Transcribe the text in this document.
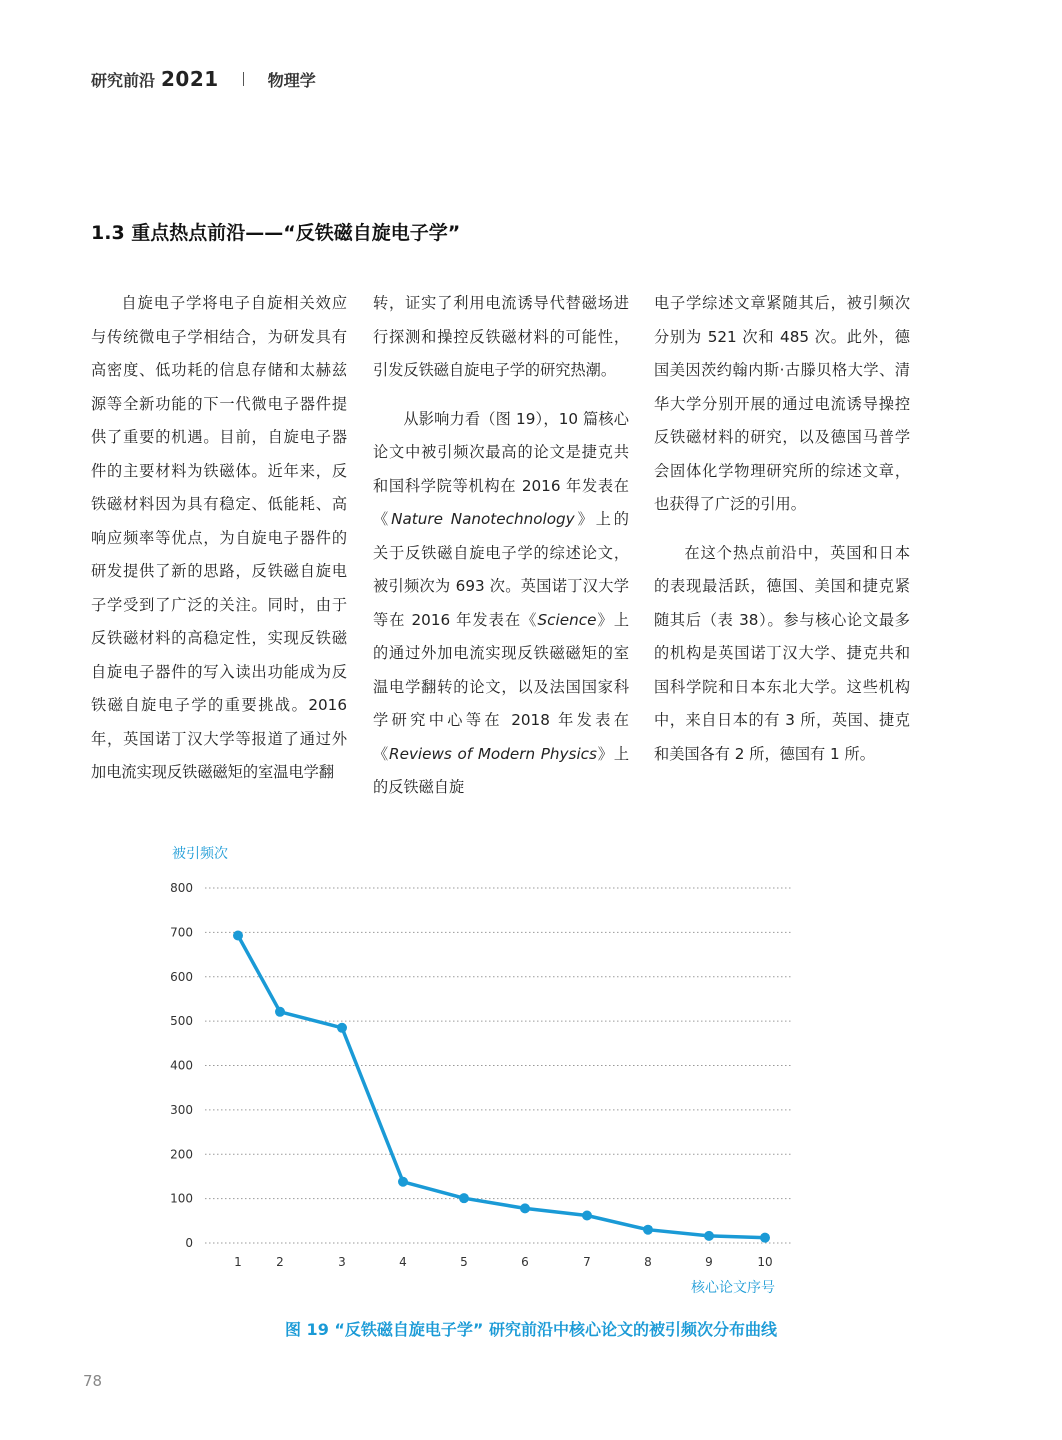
研究前沿 2021	物理学
1.3 重点热点前沿——“反铁磁自旋电子学”

自旋电子学将电子自旋相关效应与传统微电子学相结合，为研发具有高密度、低功耗的信息存储和太赫兹源等全新功能的下一代微电子器件提供了重要的机遇。目前，自旋电子器件的主要材料为铁磁体。近年来，反铁磁材料因为具有稳定、低能耗、高响应频率等优点，为自旋电子器件的研发提供了新的思路，反铁磁自旋电子学受到了广泛的关注。同时，由于反铁磁材料的高稳定性，实现反铁磁自旋电子器件的写入读出功能成为反铁磁自旋电子学的重要挑战。2016 年，英国诺丁汉大学等报道了通过外加电流实现反铁磁磁矩的室温电学翻

转，证实了利用电流诱导代替磁场进行探测和操控反铁磁材料的可能性，引发反铁磁自旋电子学的研究热潮。

从影响力看（图 19），10 篇核心论文中被引频次最高的论文是捷克共和国科学院等机构在 2016 年发表在《Nature Nanotechnology》上的关于反铁磁自旋电子学的综述论文，被引频次为 693 次。英国诺丁汉大学等在 2016 年发表在《Science》上的通过外加电流实现反铁磁磁矩的室温电学翻转的论文，以及法国国家科学研究中心等在 2018 年发表在《Reviews of Modern Physics》上的反铁磁自旋

电子学综述文章紧随其后，被引频次分别为 521 次和 485 次。此外，德国美因茨约翰内斯·古滕贝格大学、清华大学分别开展的通过电流诱导操控反铁磁材料的研究，以及德国马普学会固体化学物理研究所的综述文章，也获得了广泛的引用。

在这个热点前沿中，英国和日本的表现最活跃，德国、美国和捷克紧随其后（表 38）。参与核心论文最多的机构是英国诺丁汉大学、捷克共和国科学院和日本东北大学。这些机构中，来自日本的有 3 所，英国、捷克和美国各有 2 所，德国有 1 所。

被引频次
0
100
200
300
400
500
600
700
800
1	2	3	4	5	6	7	8	9	10
核心论文序号
图 19 “反铁磁自旋电子学” 研究前沿中核心论文的被引频次分布曲线
78
